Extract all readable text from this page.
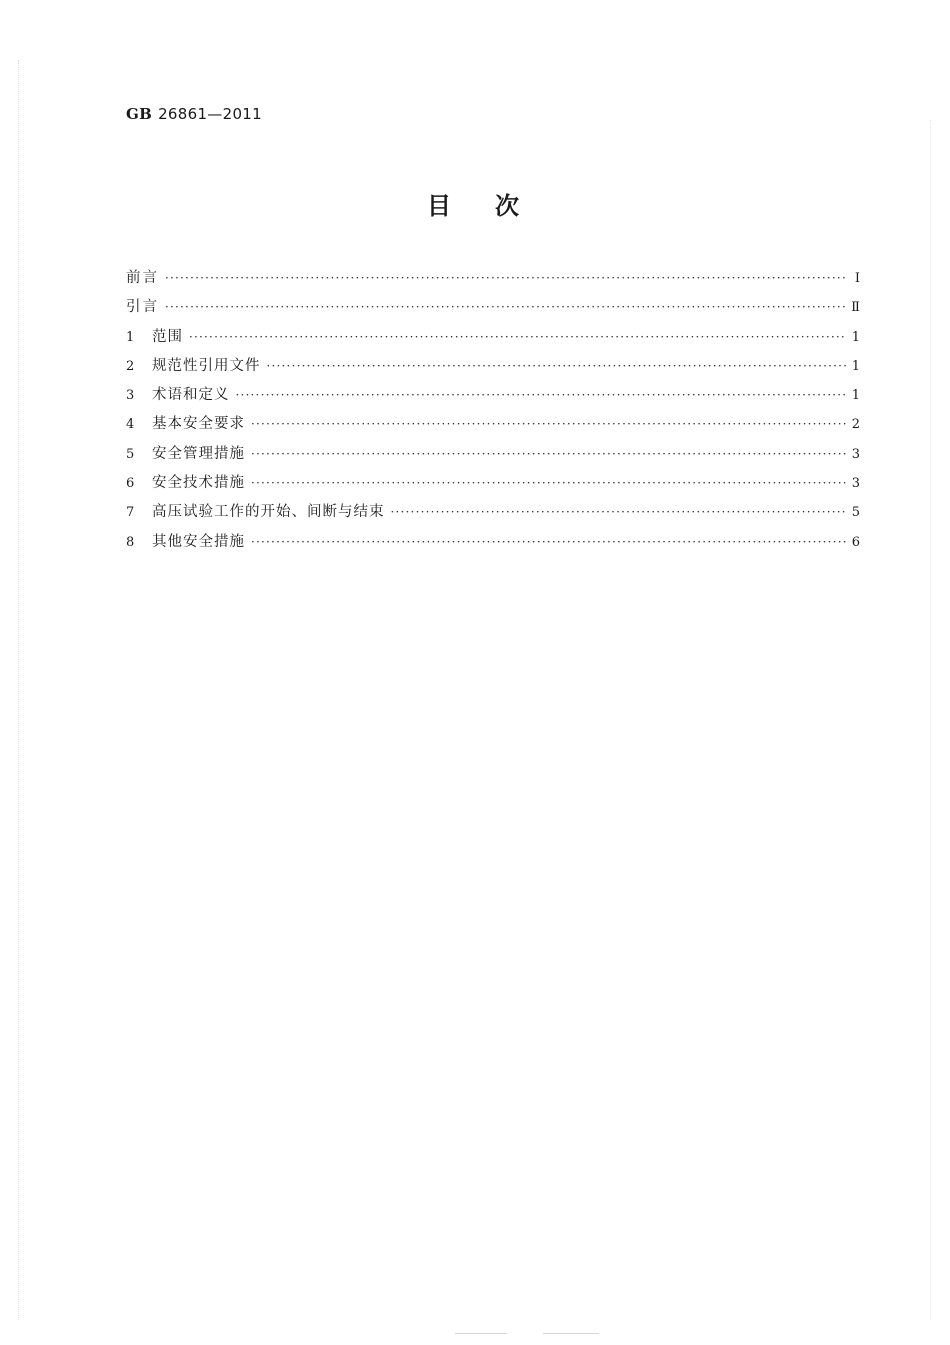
GB 26861—2011
目次
前言 ·····	Ⅰ
引言 ·····	Ⅱ
1	范围 ·····	1
2	规范性引用文件 ·····	1
3	术语和定义 ·····	1
4	基本安全要求 ·····	2
5	安全管理措施 ·····	3
6	安全技术措施 ·····	3
7	高压试验工作的开始、间断与结束 ·····	5
8	其他安全措施 ·····	6
